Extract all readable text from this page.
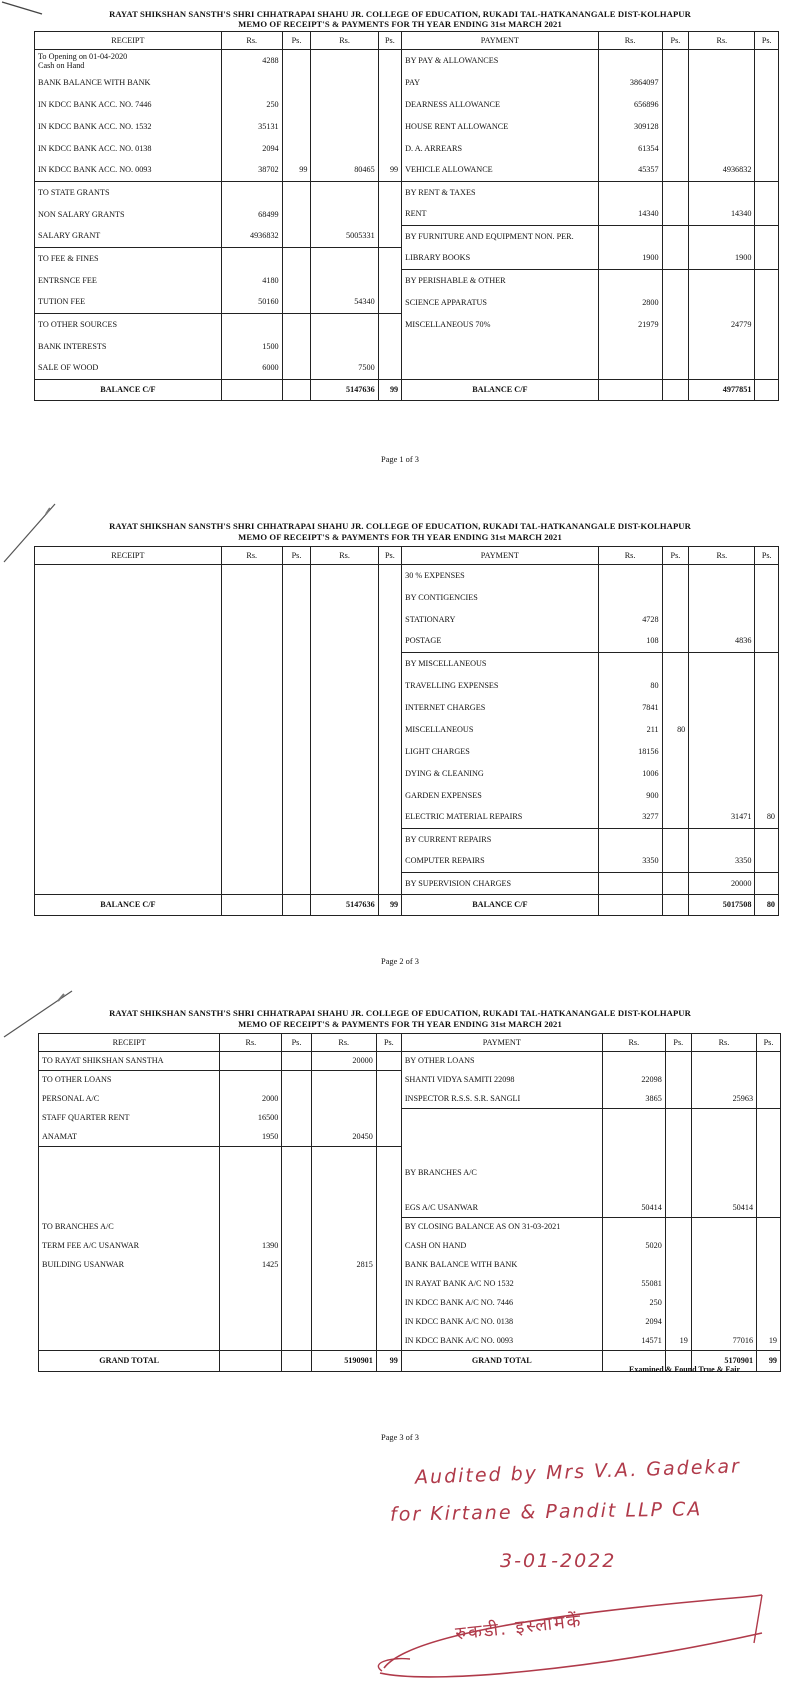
RAYAT SHIKSHAN SANSTH'S SHRI CHHATRAPAI SHAHU JR. COLLEGE OF EDUCATION, RUKADI TAL-HATKANANGALE DIST-KOLHAPUR
MEMO OF RECEIPT'S & PAYMENTS FOR TH YEAR ENDING 31st MARCH 2021
RECEIPT	Rs.	Ps.	Rs.	Ps.	PAYMENT	Rs.	Ps.	Rs.	Ps.
To Opening on 01-04-2020
Cash on Hand	4288				BY PAY & ALLOWANCES				
BANK BALANCE WITH BANK					PAY	3864097			
IN KDCC BANK ACC. NO. 7446	250				DEARNESS ALLOWANCE	656896			
IN KDCC BANK ACC. NO. 1532	35131				HOUSE RENT ALLOWANCE	309128			
IN KDCC BANK ACC. NO. 0138	2094				D. A. ARREARS	61354			
IN KDCC BANK ACC. NO. 0093	38702	99	80465	99	VEHICLE ALLOWANCE	45357		4936832	
TO STATE GRANTS					BY RENT & TAXES				
NON SALARY GRANTS	68499				RENT	14340		14340	
SALARY GRANT	4936832		5005331		BY FURNITURE AND EQUIPMENT NON. PER.				
TO FEE & FINES					LIBRARY BOOKS	1900		1900	
ENTRSNCE FEE	4180				BY PERISHABLE & OTHER				
TUTION FEE	50160		54340		SCIENCE APPARATUS	2800			
TO OTHER SOURCES					MISCELLANEOUS 70%	21979		24779	
BANK INTERESTS	1500								
SALE OF WOOD	6000		7500						
BALANCE C/F			5147636	99	BALANCE C/F			4977851	
Page 1 of 3
RAYAT SHIKSHAN SANSTH'S SHRI CHHATRAPAI SHAHU JR. COLLEGE OF EDUCATION, RUKADI TAL-HATKANANGALE DIST-KOLHAPUR
MEMO OF RECEIPT'S & PAYMENTS FOR TH YEAR ENDING 31st MARCH 2021
RECEIPT	Rs.	Ps.	Rs.	Ps.	PAYMENT	Rs.	Ps.	Rs.	Ps.
					30 % EXPENSES				
					BY CONTIGENCIES				
					STATIONARY	4728			
					POSTAGE	108		4836	
					BY MISCELLANEOUS				
					TRAVELLING EXPENSES	80			
					INTERNET CHARGES	7841			
					MISCELLANEOUS	211	80		
					LIGHT CHARGES	18156			
					DYING & CLEANING	1006			
					GARDEN EXPENSES	900			
					ELECTRIC MATERIAL REPAIRS	3277		31471	80
					BY CURRENT REPAIRS				
					COMPUTER REPAIRS	3350		3350	
					BY SUPERVISION CHARGES			20000	
BALANCE C/F			5147636	99	BALANCE C/F			5017508	80
Page 2 of 3
RAYAT SHIKSHAN SANSTH'S SHRI CHHATRAPAI SHAHU JR. COLLEGE OF EDUCATION, RUKADI TAL-HATKANANGALE DIST-KOLHAPUR
MEMO OF RECEIPT'S & PAYMENTS FOR TH YEAR ENDING 31st MARCH 2021
RECEIPT	Rs.	Ps.	Rs.	Ps.	PAYMENT	Rs.	Ps.	Rs.	Ps.
TO RAYAT SHIKSHAN SANSTHA			20000		BY OTHER LOANS				
TO OTHER LOANS					SHANTI VIDYA SAMITI 22098	22098			
PERSONAL A/C	2000				INSPECTOR R.S.S. S.R. SANGLI	3865		25963	
STAFF QUARTER RENT	16500								
ANAMAT	1950		20450						
					BY BRANCHES A/C				
					EGS A/C USANWAR	50414		50414	
TO BRANCHES A/C					BY CLOSING BALANCE AS ON 31-03-2021				
TERM FEE A/C USANWAR	1390				CASH ON HAND	5020			
BUILDING USANWAR	1425		2815		BANK BALANCE WITH BANK				
					IN RAYAT BANK A/C NO 1532	55081			
					IN KDCC BANK A/C NO. 7446	250			
					IN KDCC BANK A/C NO. 0138	2094			
					IN KDCC BANK A/C NO. 0093	14571	19	77016	19
GRAND TOTAL			5190901	99	GRAND TOTAL			5170901	99
Examined & Found True & Fair
Page 3 of 3
Audited by Mrs V.A. Gadekar
for Kirtane & Pandit LLP CA
3-01-2022
रुकडी. इस्लामकें
